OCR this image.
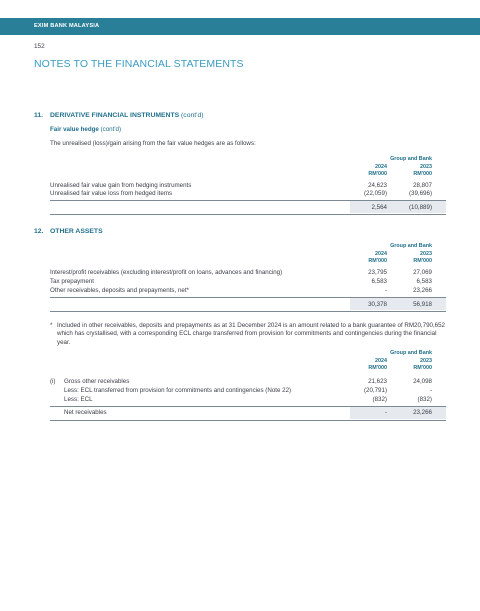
EXIM BANK MALAYSIA
152
NOTES TO THE FINANCIAL STATEMENTS
11. DERIVATIVE FINANCIAL INSTRUMENTS (cont'd)
Fair value hedge (cont'd)
The unrealised (loss)/gain arising from the fair value hedges are as follows:
Group and Bank
2024	2023
RM'000	RM'000
Unrealised fair value gain from hedging instruments	24,623	28,807
Unrealised fair value loss from hedged items	(22,059)	(39,696)
2,564	(10,889)
12. OTHER ASSETS
Group and Bank
2024	2023
RM'000	RM'000
Interest/profit receivables (excluding interest/profit on loans, advances and financing)	23,795	27,069
Tax prepayment	6,583	6,583
Other receivables, deposits and prepayments, net*	-	23,266
30,378	56,918
* Included in other receivables, deposits and prepayments as at 31 December 2024 is an amount related to a bank guarantee of RM20,790,652 which has crystallised, with a corresponding ECL charge transferred from provision for commitments and contingencies during the financial year.
Group and Bank
2024	2023
RM'000	RM'000
(i) Gross other receivables	21,623	24,098
Less: ECL transferred from provision for commitments and contingencies (Note 22)	(20,791)	-
Less: ECL	(832)	(832)
Net receivables	-	23,266
